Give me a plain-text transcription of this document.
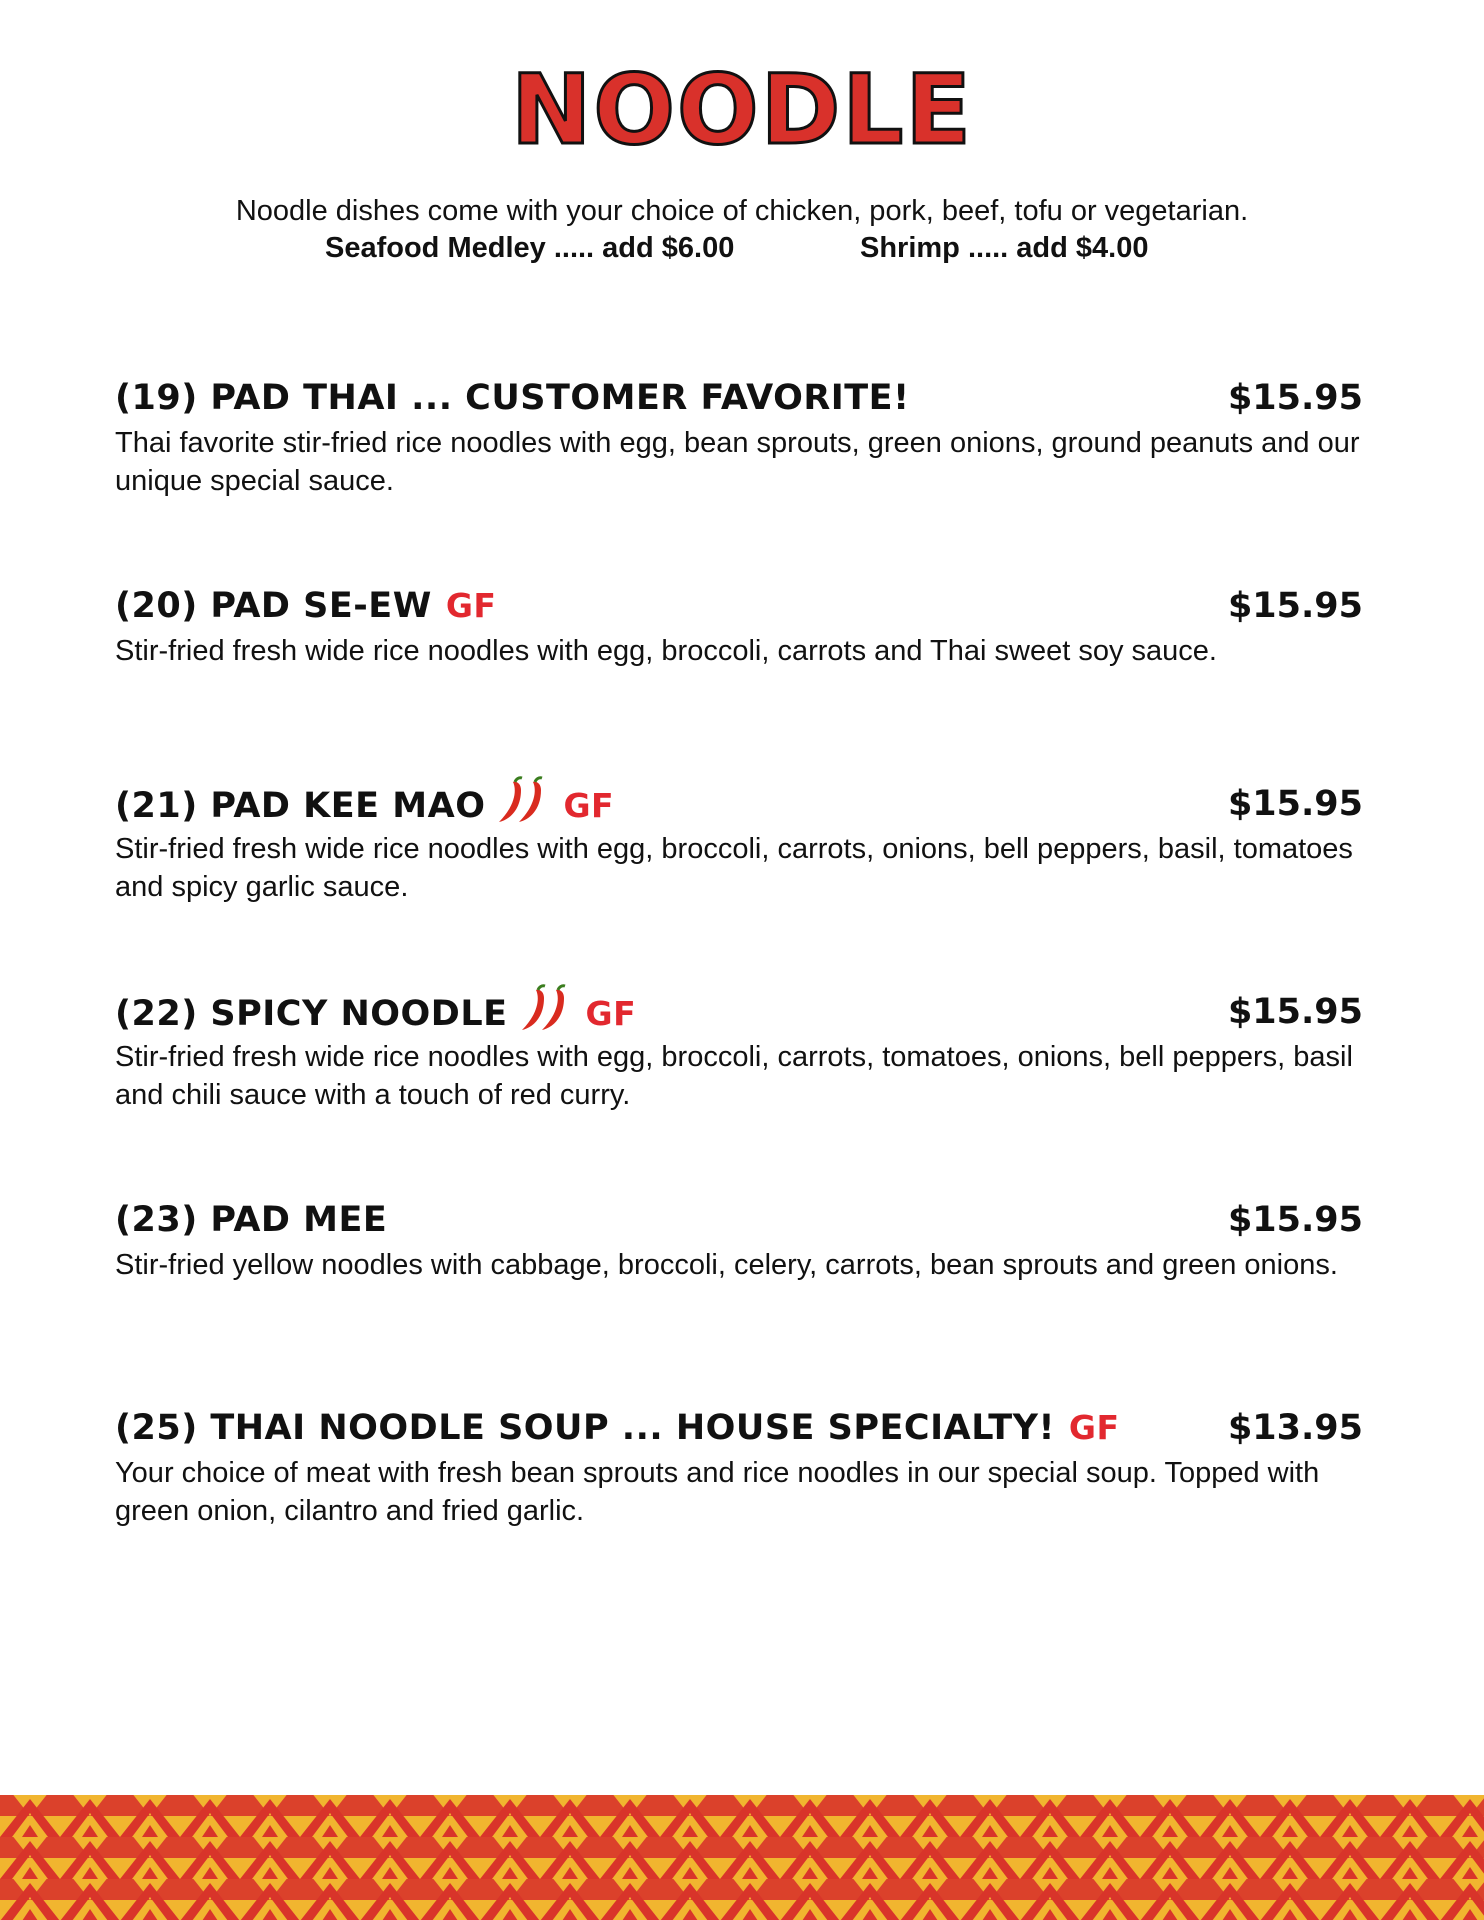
NOODLE
Noodle dishes come with your choice of chicken, pork, beef, tofu or vegetarian.
Seafood Medley ..... add $6.00	Shrimp ..... add $4.00
(19) PAD THAI ... CUSTOMER FAVORITE!	$15.95
Thai favorite stir-fried rice noodles with egg, bean sprouts, green onions, ground peanuts and our unique special sauce.
(20) PAD SE-EW GF	$15.95
Stir-fried fresh wide rice noodles with egg, broccoli, carrots and Thai sweet soy sauce.
(21) PAD KEE MAO GF	$15.95
Stir-fried fresh wide rice noodles with egg, broccoli, carrots, onions, bell peppers, basil, tomatoes and spicy garlic sauce.
(22) SPICY NOODLE GF	$15.95
Stir-fried fresh wide rice noodles with egg, broccoli, carrots, tomatoes, onions, bell peppers, basil and chili sauce with a touch of red curry.
(23) PAD MEE	$15.95
Stir-fried yellow noodles with cabbage, broccoli, celery, carrots, bean sprouts and green onions.
(25) THAI NOODLE SOUP ... HOUSE SPECIALTY! GF	$13.95
Your choice of meat with fresh bean sprouts and rice noodles in our special soup. Topped with green onion, cilantro and fried garlic.
